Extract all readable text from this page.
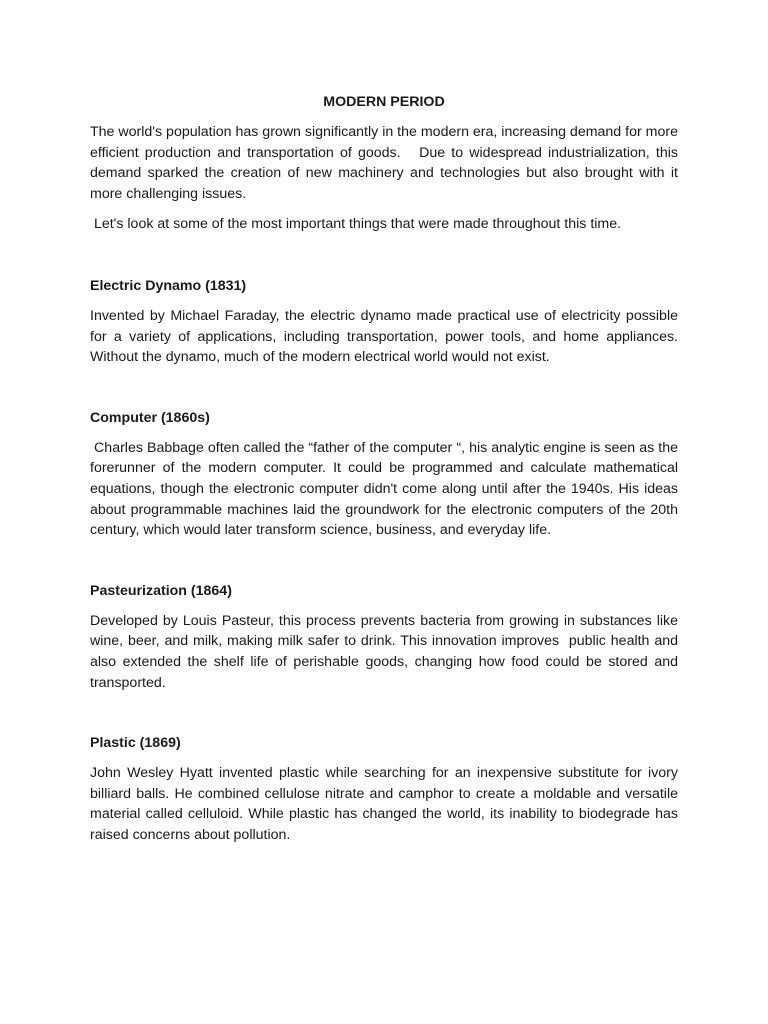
MODERN PERIOD

The world's population has grown significantly in the modern era, increasing demand for more efficient production and transportation of goods.   Due to widespread industrialization, this demand sparked the creation of new machinery and technologies but also brought with it more challenging issues.

Let's look at some of the most important things that were made throughout this time.

Electric Dynamo (1831)

Invented by Michael Faraday, the electric dynamo made practical use of electricity possible for a variety of applications, including transportation, power tools, and home appliances. Without the dynamo, much of the modern electrical world would not exist.

Computer (1860s)

Charles Babbage often called the “father of the computer “, his analytic engine is seen as the forerunner of the modern computer. It could be programmed and calculate mathematical equations, though the electronic computer didn't come along until after the 1940s. His ideas about programmable machines laid the groundwork for the electronic computers of the 20th century, which would later transform science, business, and everyday life.

Pasteurization (1864)

Developed by Louis Pasteur, this process prevents bacteria from growing in substances like wine, beer, and milk, making milk safer to drink. This innovation improves  public health and also extended the shelf life of perishable goods, changing how food could be stored and transported.

Plastic (1869)

John Wesley Hyatt invented plastic while searching for an inexpensive substitute for ivory billiard balls. He combined cellulose nitrate and camphor to create a moldable and versatile material called celluloid. While plastic has changed the world, its inability to biodegrade has raised concerns about pollution.
